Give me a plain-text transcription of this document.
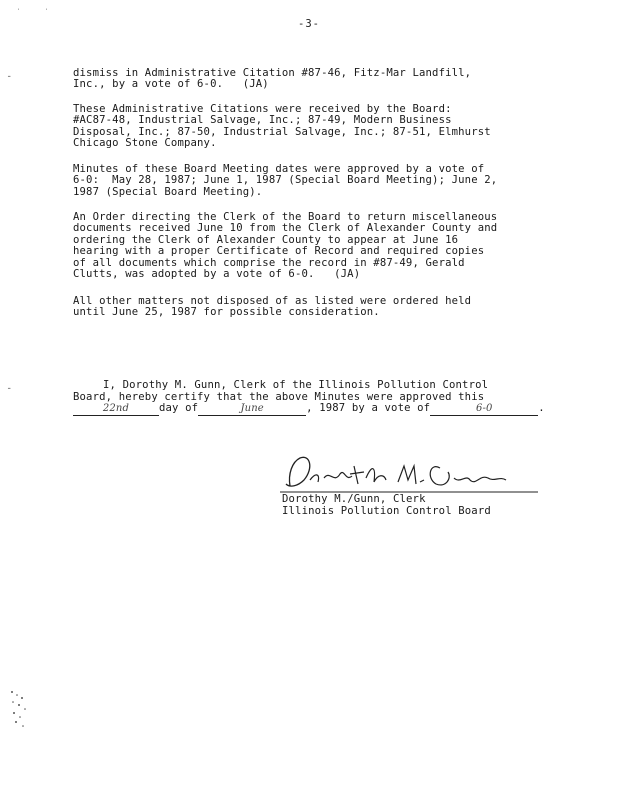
˙	˙
╴
╴
-3-

dismiss in Administrative Citation #87-46, Fitz-Mar Landfill,
Inc., by a vote of 6-0.   (JA)

These Administrative Citations were received by the Board:
#AC87-48, Industrial Salvage, Inc.; 87-49, Modern Business
Disposal, Inc.; 87-50, Industrial Salvage, Inc.; 87-51, Elmhurst
Chicago Stone Company.

Minutes of these Board Meeting dates were approved by a vote of
6-0:  May 28, 1987; June 1, 1987 (Special Board Meeting); June 2,
1987 (Special Board Meeting).

An Order directing the Clerk of the Board to return miscellaneous
documents received June 10 from the Clerk of Alexander County and
ordering the Clerk of Alexander County to appear at June 16
hearing with a proper Certificate of Record and required copies
of all documents which comprise the record in #87-49, Gerald
Clutts, was adopted by a vote of 6-0.   (JA)

All other matters not disposed of as listed were ordered held
until June 25, 1987 for possible consideration.

I, Dorothy M. Gunn, Clerk of the Illinois Pollution Control
Board, hereby certify that the above Minutes were approved this
22nd	day of	June	, 1987 by a vote of	6-0	.
Dorothy M./Gunn, Clerk
Illinois Pollution Control Board
